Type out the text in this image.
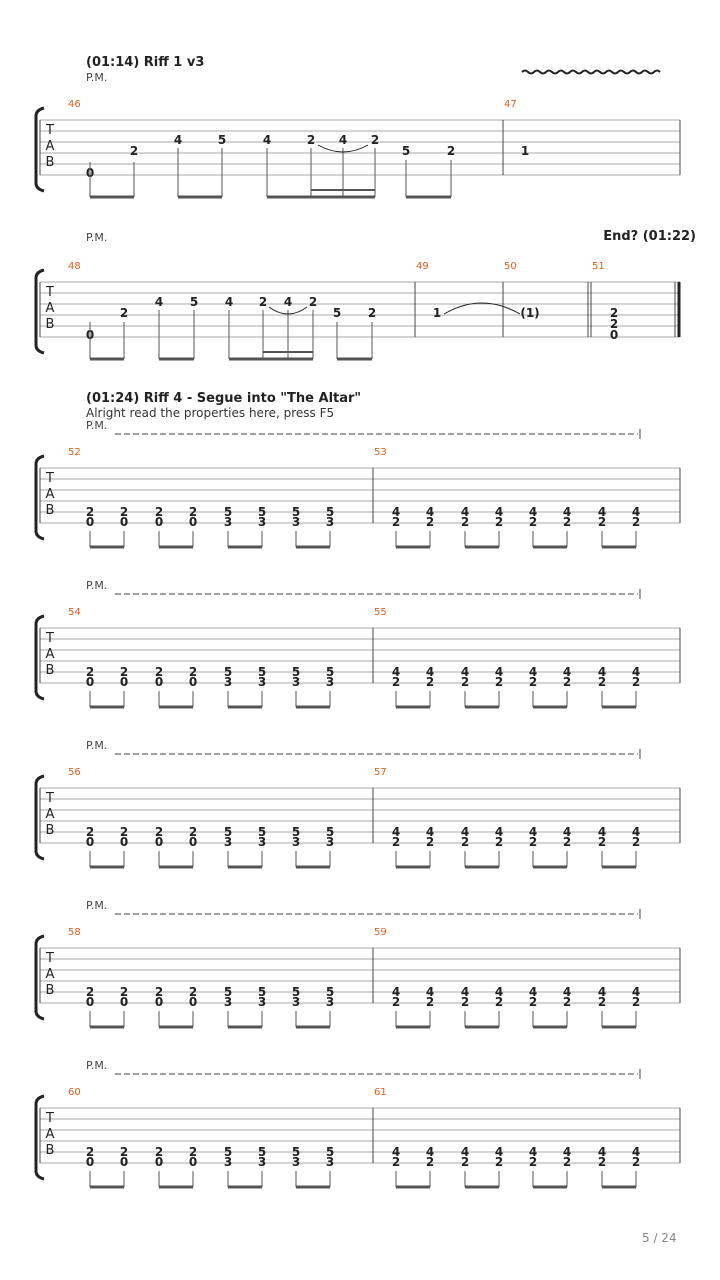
(01:14) Riff 1 v3
P.M.
P.M.	End? (01:22)
(01:24) Riff 4 - Segue into "The Altar"
Alright read the properties here, press F5
P.M.
P.M.
P.M.
P.M.
P.M.
5 / 24
T
A
B
46	47
0
2
4	5	4	2 4 2
5	2	1
T
A
B
48	49	50	51
0
2
4 5 4 2 4 2
5 2	1	(1)	2
2
0
T
A
B
52	53
2
0
2
0
2
0
2
0
5
3
5
3
5
3
5
3
4
2
4
2
4
2
4
2
4
2
4
2
4
2
4
2
T
A
B
54	55
2
0
2
0
2
0
2
0
5
3
5
3
5
3
5
3
4
2
4
2
4
2
4
2
4
2
4
2
4
2
4
2
T
A
B
56	57
2
0
2
0
2
0
2
0
5
3
5
3
5
3
5
3
4
2
4
2
4
2
4
2
4
2
4
2
4
2
4
2
T
A
B
58	59
2
0
2
0
2
0
2
0
5
3
5
3
5
3
5
3
4
2
4
2
4
2
4
2
4
2
4
2
4
2
4
2
T
A
B
60	61
2
0
2
0
2
0
2
0
5
3
5
3
5
3
5
3
4
2
4
2
4
2
4
2
4
2
4
2
4
2
4
2
